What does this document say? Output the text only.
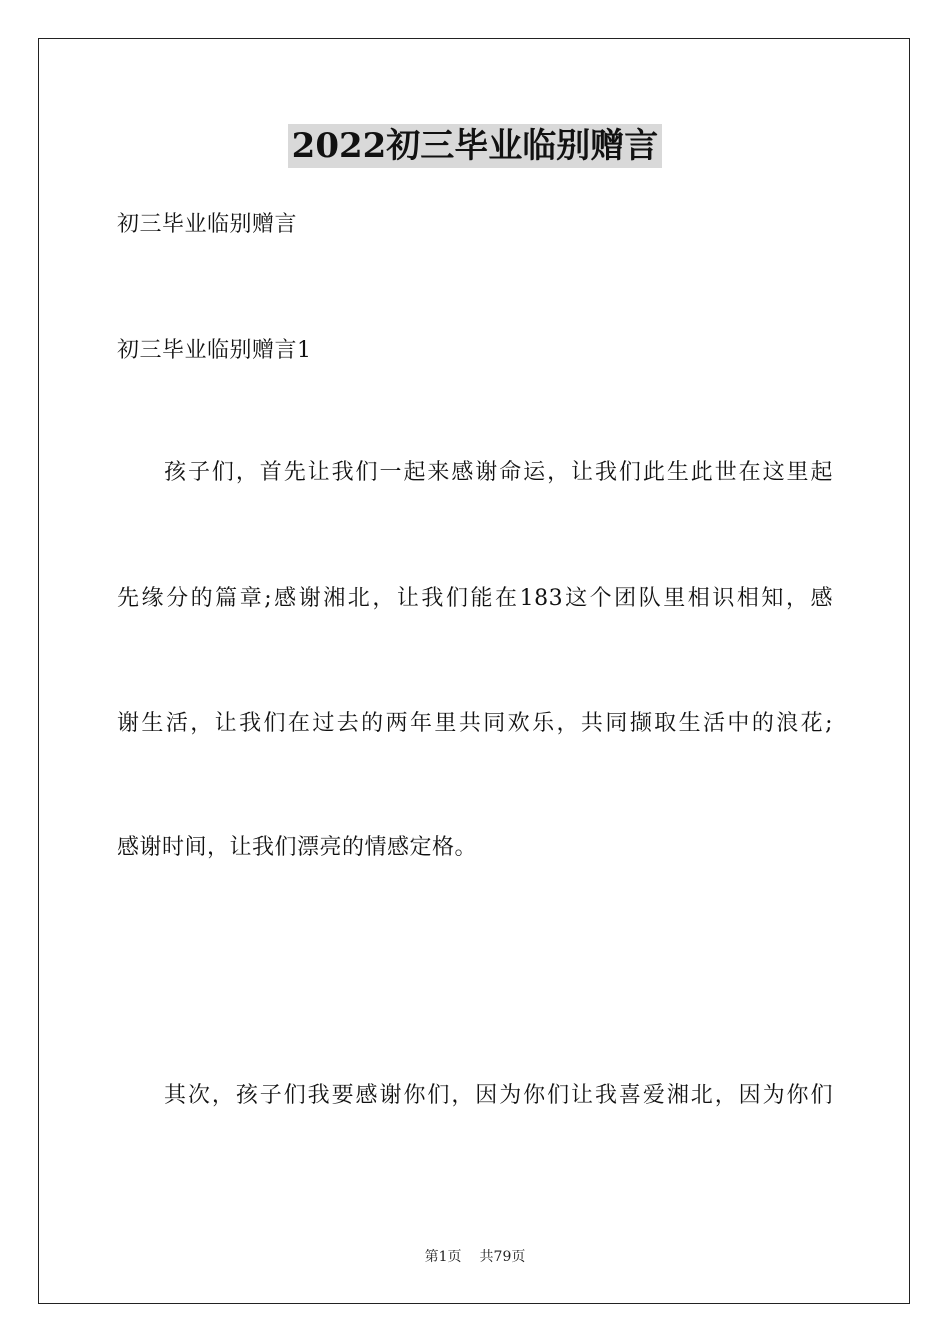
2022初三毕业临别赠言
初三毕业临别赠言
初三毕业临别赠言1
孩子们，首先让我们一起来感谢命运，让我们此生此世在这里起
先缘分的篇章;感谢湘北，让我们能在183这个团队里相识相知，感
谢生活，让我们在过去的两年里共同欢乐，共同撷取生活中的浪花;
感谢时间，让我们漂亮的情感定格。
其次，孩子们我要感谢你们，因为你们让我喜爱湘北，因为你们
第1页 共79页
